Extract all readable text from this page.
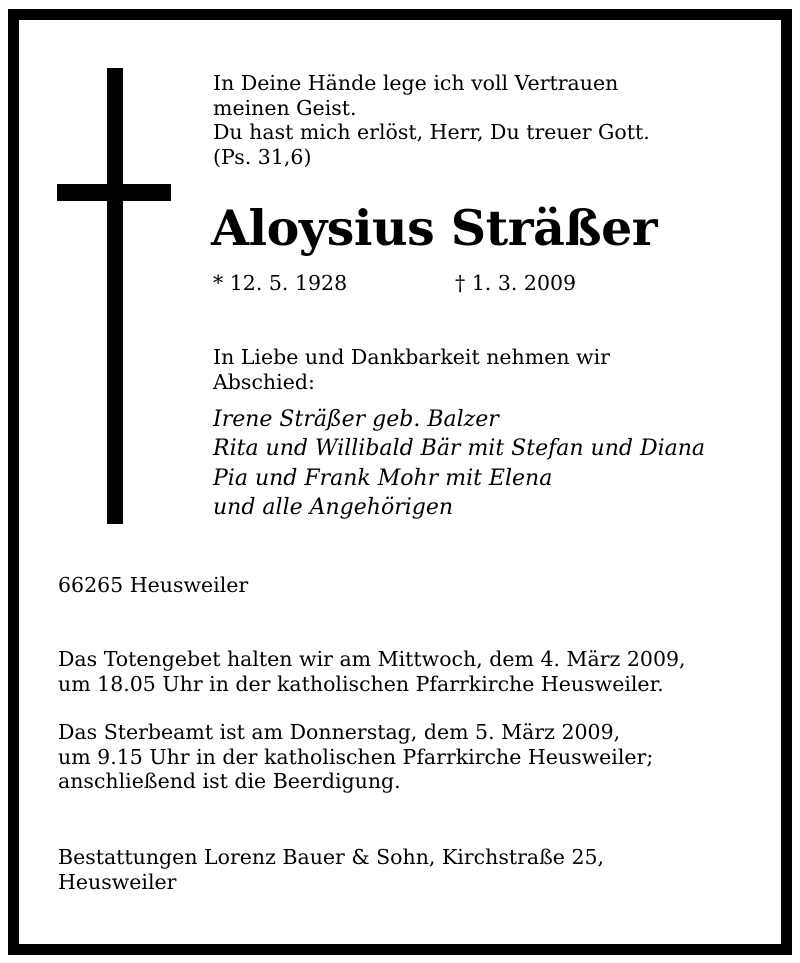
In Deine Hände lege ich voll Vertrauen
meinen Geist.
Du hast mich erlöst, Herr, Du treuer Gott.
(Ps. 31,6)
Aloysius Sträßer
* 12. 5. 1928	† 1. 3. 2009
In Liebe und Dankbarkeit nehmen wir
Abschied:
Irene Sträßer geb. Balzer
Rita und Willibald Bär mit Stefan und Diana
Pia und Frank Mohr mit Elena
und alle Angehörigen
66265 Heusweiler
Das Totengebet halten wir am Mittwoch, dem 4. März 2009,
um 18.05 Uhr in der katholischen Pfarrkirche Heusweiler.
Das Sterbeamt ist am Donnerstag, dem 5. März 2009,
um 9.15 Uhr in der katholischen Pfarrkirche Heusweiler;
anschließend ist die Beerdigung.
Bestattungen Lorenz Bauer & Sohn, Kirchstraße 25,
Heusweiler
